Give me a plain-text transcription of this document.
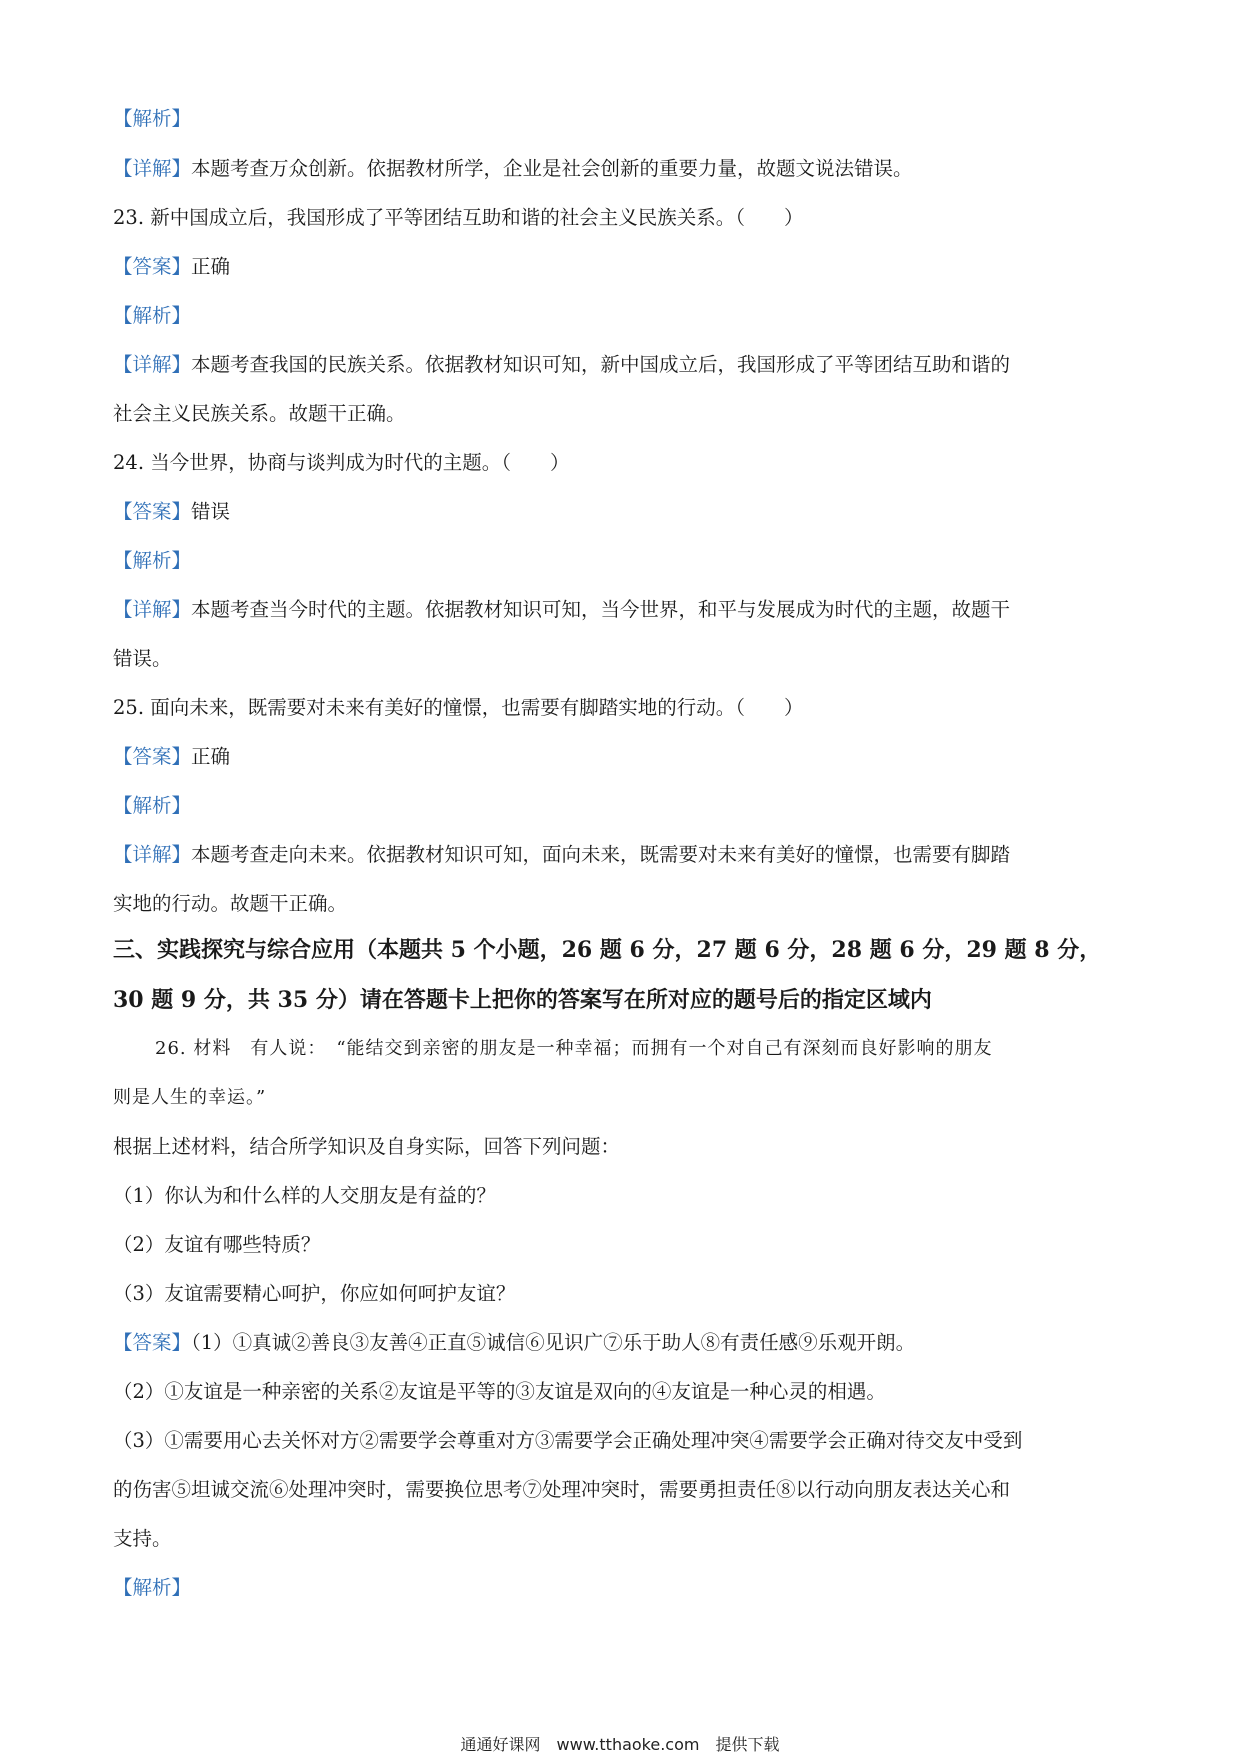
【解析】
【详解】本题考查万众创新。依据教材所学，企业是社会创新的重要力量，故题文说法错误。
23. 新中国成立后，我国形成了平等团结互助和谐的社会主义民族关系。（　　）
【答案】正确
【解析】
【详解】本题考查我国的民族关系。依据教材知识可知，新中国成立后，我国形成了平等团结互助和谐的
社会主义民族关系。故题干正确。
24. 当今世界，协商与谈判成为时代的主题。（　　）
【答案】错误
【解析】
【详解】本题考查当今时代的主题。依据教材知识可知，当今世界，和平与发展成为时代的主题，故题干
错误。
25. 面向未来，既需要对未来有美好的憧憬，也需要有脚踏实地的行动。（　　）
【答案】正确
【解析】
【详解】本题考查走向未来。依据教材知识可知，面向未来，既需要对未来有美好的憧憬，也需要有脚踏
实地的行动。故题干正确。
三、实践探究与综合应用（本题共 5 个小题，26 题 6 分，27 题 6 分，28 题 6 分，29 题 8 分，
30 题 9 分，共 35 分）请在答题卡上把你的答案写在所对应的题号后的指定区域内
26. 材料　有人说：　“能结交到亲密的朋友是一种幸福；而拥有一个对自己有深刻而良好影响的朋友
则是人生的幸运。”
根据上述材料，结合所学知识及自身实际，回答下列问题：
（1）你认为和什么样的人交朋友是有益的？
（2）友谊有哪些特质？
（3）友谊需要精心呵护，你应如何呵护友谊？
【答案】（1）①真诚②善良③友善④正直⑤诚信⑥见识广⑦乐于助人⑧有责任感⑨乐观开朗。
（2）①友谊是一种亲密的关系②友谊是平等的③友谊是双向的④友谊是一种心灵的相遇。
（3）①需要用心去关怀对方②需要学会尊重对方③需要学会正确处理冲突④需要学会正确对待交友中受到
的伤害⑤坦诚交流⑥处理冲突时，需要换位思考⑦处理冲突时，需要勇担责任⑧以行动向朋友表达关心和
支持。
【解析】
通通好课网　www.tthaoke.com　提供下载
